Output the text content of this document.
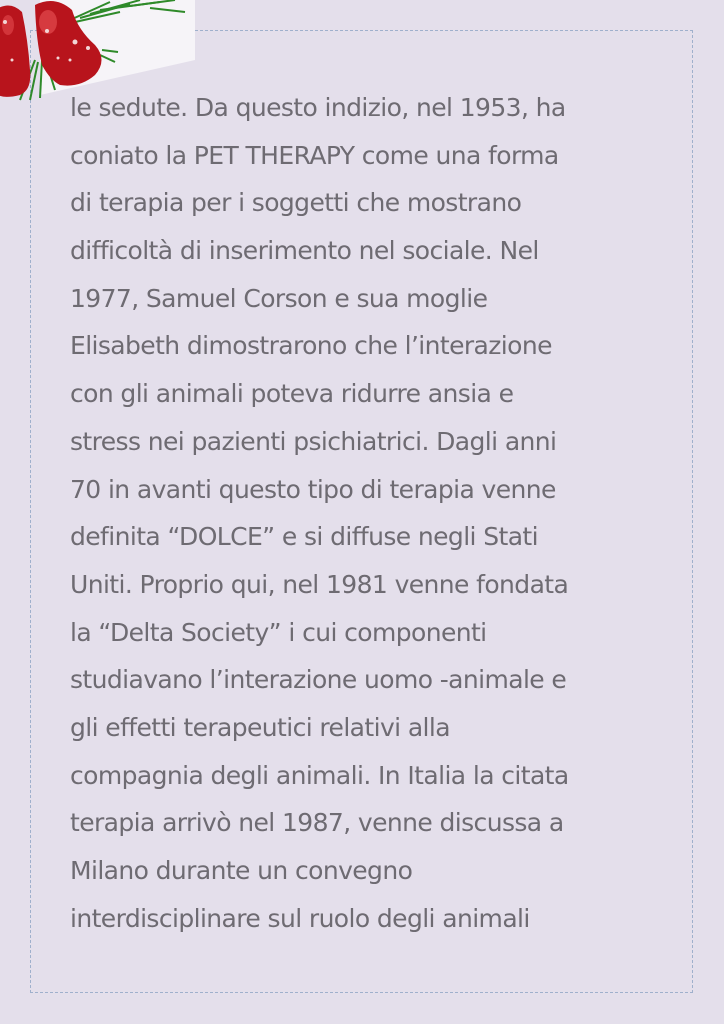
le sedute. Da questo indizio, nel 1953, ha
coniato la PET THERAPY come una forma
di terapia per i soggetti che mostrano
difficoltà di inserimento nel sociale. Nel
1977, Samuel Corson e sua moglie
Elisabeth dimostrarono che l’interazione
con gli animali poteva ridurre ansia e
stress nei pazienti psichiatrici. Dagli anni
70 in avanti questo tipo di terapia venne
definita “DOLCE” e si diffuse negli Stati
Uniti. Proprio qui, nel 1981 venne fondata
la “Delta Society” i cui componenti
studiavano l’interazione uomo -animale e
gli effetti terapeutici relativi alla
compagnia degli animali. In Italia la citata
terapia arrivò nel 1987, venne discussa a
Milano durante un convegno
interdisciplinare sul ruolo degli animali
